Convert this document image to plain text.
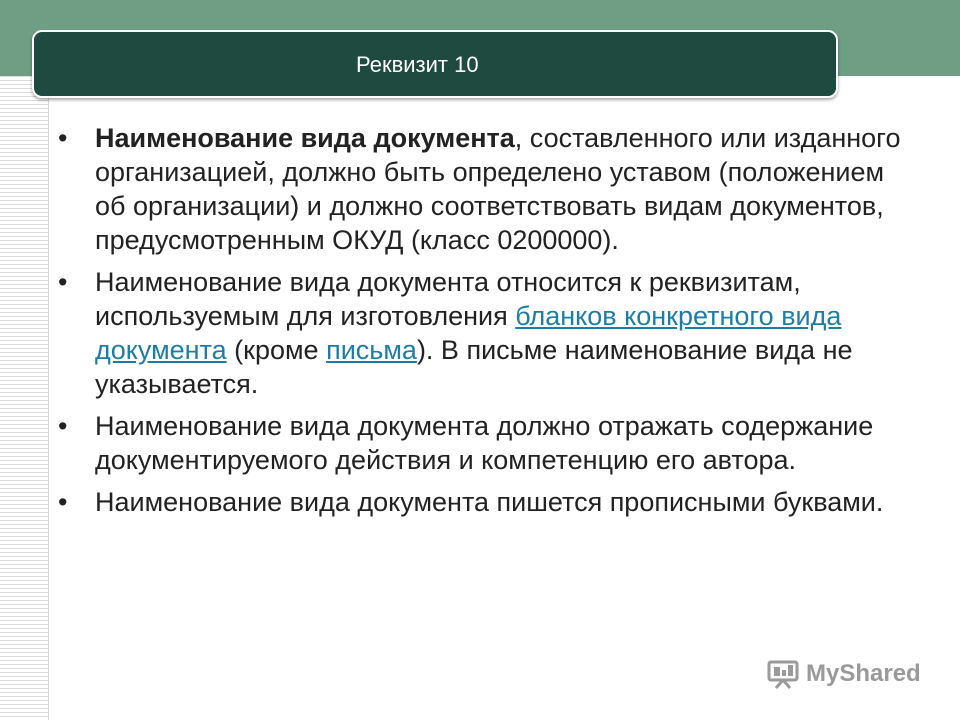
Реквизит 10
• Наименование вида документа, составленного или изданного организацией, должно быть определено уставом (положением об организации) и должно соответствовать видам документов, предусмотренным ОКУД (класс 0200000).
• Наименование вида документа относится к реквизитам, используемым для изготовления бланков конкретного вида документа (кроме письма). В письме наименование вида не указывается.
• Наименование вида документа должно отражать содержание документируемого действия и компетенцию его автора.
• Наименование вида документа пишется прописными буквами.
MyShared
